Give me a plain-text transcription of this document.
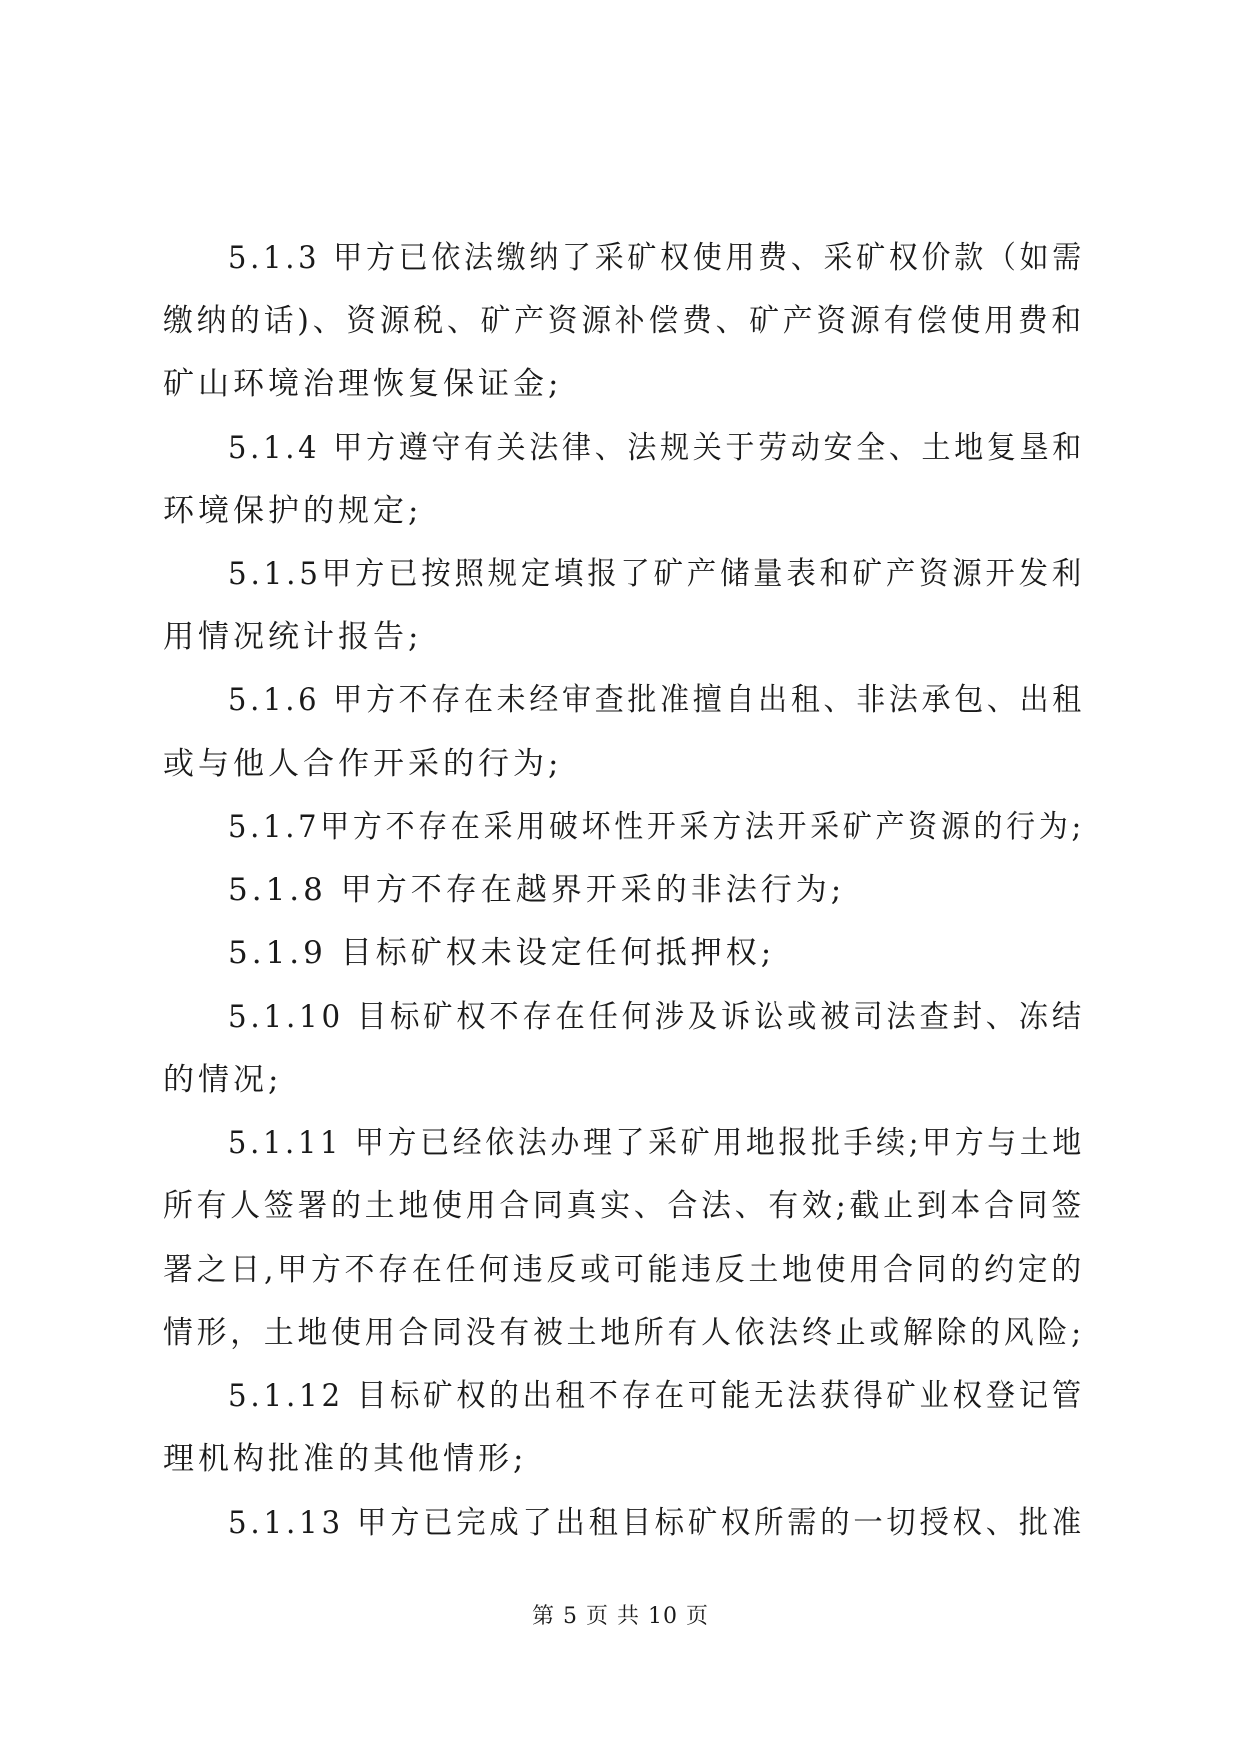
5.1.3 甲方已依法缴纳了采矿权使用费、采矿权价款（如需
缴纳的话)、资源税、矿产资源补偿费、矿产资源有偿使用费和
矿山环境治理恢复保证金;
5.1.4 甲方遵守有关法律、法规关于劳动安全、土地复垦和
环境保护的规定;
5.1.5甲方已按照规定填报了矿产储量表和矿产资源开发利
用情况统计报告;
5.1.6 甲方不存在未经审查批准擅自出租、非法承包、出租
或与他人合作开采的行为;
5.1.7甲方不存在采用破坏性开采方法开采矿产资源的行为;
5.1.8 甲方不存在越界开采的非法行为;
5.1.9 目标矿权未设定任何抵押权;
5.1.10 目标矿权不存在任何涉及诉讼或被司法查封、冻结
的情况;
5.1.11 甲方已经依法办理了采矿用地报批手续;甲方与土地
所有人签署的土地使用合同真实、合法、有效;截止到本合同签
署之日,甲方不存在任何违反或可能违反土地使用合同的约定的
情形，土地使用合同没有被土地所有人依法终止或解除的风险;
5.1.12 目标矿权的出租不存在可能无法获得矿业权登记管
理机构批准的其他情形;
5.1.13 甲方已完成了出租目标矿权所需的一切授权、批准
第 5 页 共 10 页
